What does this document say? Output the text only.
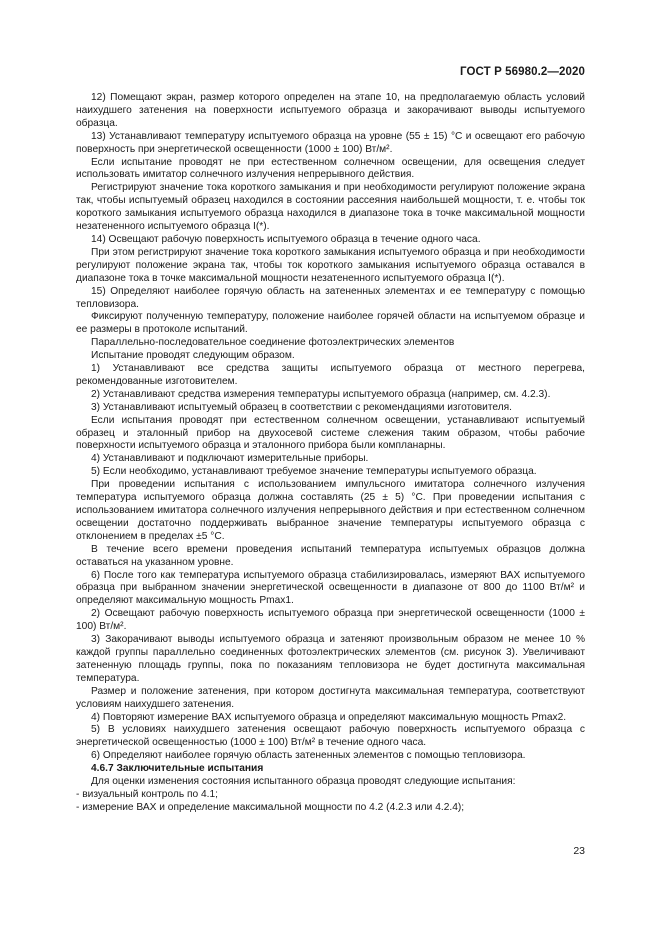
ГОСТ Р 56980.2—2020

12) Помещают экран, размер которого определен на этапе 10, на предполагаемую область условий наихудшего затенения на поверхности испытуемого образца и закорачивают выводы испытуемого образца.

13) Устанавливают температуру испытуемого образца на уровне (55 ± 15) °С и освещают его рабочую поверхность при энергетической освещенности (1000 ± 100) Вт/м².

Если испытание проводят не при естественном солнечном освещении, для освещения следует использовать имитатор солнечного излучения непрерывного действия.

Регистрируют значение тока короткого замыкания и при необходимости регулируют положение экрана так, чтобы испытуемый образец находился в состоянии рассеяния наибольшей мощности, т. е. чтобы ток короткого замыкания испытуемого образца находился в диапазоне тока в точке максимальной мощности незатененного испытуемого образца I(*).

14) Освещают рабочую поверхность испытуемого образца в течение одного часа.

При этом регистрируют значение тока короткого замыкания испытуемого образца и при необходимости регулируют положение экрана так, чтобы ток короткого замыкания испытуемого образца оставался в диапазоне тока в точке максимальной мощности незатененного испытуемого образца I(*).

15) Определяют наиболее горячую область на затененных элементах и ее температуру с помощью тепловизора.

Фиксируют полученную температуру, положение наиболее горячей области на испытуемом образце и ее размеры в протоколе испытаний.

Параллельно-последовательное соединение фотоэлектрических элементов

Испытание проводят следующим образом.

1) Устанавливают все средства защиты испытуемого образца от местного перегрева, рекомендованные изготовителем.

2) Устанавливают средства измерения температуры испытуемого образца (например, см. 4.2.3).

3) Устанавливают испытуемый образец в соответствии с рекомендациями изготовителя.

Если испытания проводят при естественном солнечном освещении, устанавливают испытуемый образец и эталонный прибор на двухосевой системе слежения таким образом, чтобы рабочие поверхности испытуемого образца и эталонного прибора были компланарны.

4) Устанавливают и подключают измерительные приборы.

5) Если необходимо, устанавливают требуемое значение температуры испытуемого образца.

При проведении испытания с использованием импульсного имитатора солнечного излучения температура испытуемого образца должна составлять (25 ± 5) °С. При проведении испытания с использованием имитатора солнечного излучения непрерывного действия и при естественном солнечном освещении достаточно поддерживать выбранное значение температуры испытуемого образца с отклонением в пределах ±5 °С.

В течение всего времени проведения испытаний температура испытуемых образцов должна оставаться на указанном уровне.

6) После того как температура испытуемого образца стабилизировалась, измеряют ВАХ испытуемого образца при выбранном значении энергетической освещенности в диапазоне от 800 до 1100 Вт/м² и определяют максимальную мощность Pmax1.

2) Освещают рабочую поверхность испытуемого образца при энергетической освещенности (1000 ± 100) Вт/м².

3) Закорачивают выводы испытуемого образца и затеняют произвольным образом не менее 10 % каждой группы параллельно соединенных фотоэлектрических элементов (см. рисунок 3). Увеличивают затененную площадь группы, пока по показаниям тепловизора не будет достигнута максимальная температура.

Размер и положение затенения, при котором достигнута максимальная температура, соответствуют условиям наихудшего затенения.

4) Повторяют измерение ВАХ испытуемого образца и определяют максимальную мощность Pmax2.

5) В условиях наихудшего затенения освещают рабочую поверхность испытуемого образца с энергетической освещенностью (1000 ± 100) Вт/м² в течение одного часа.

6) Определяют наиболее горячую область затененных элементов с помощью тепловизора.

4.6.7 Заключительные испытания

Для оценки изменения состояния испытанного образца проводят следующие испытания:

- визуальный контроль по 4.1;

- измерение ВАХ и определение максимальной мощности по 4.2 (4.2.3 или 4.2.4);

23
